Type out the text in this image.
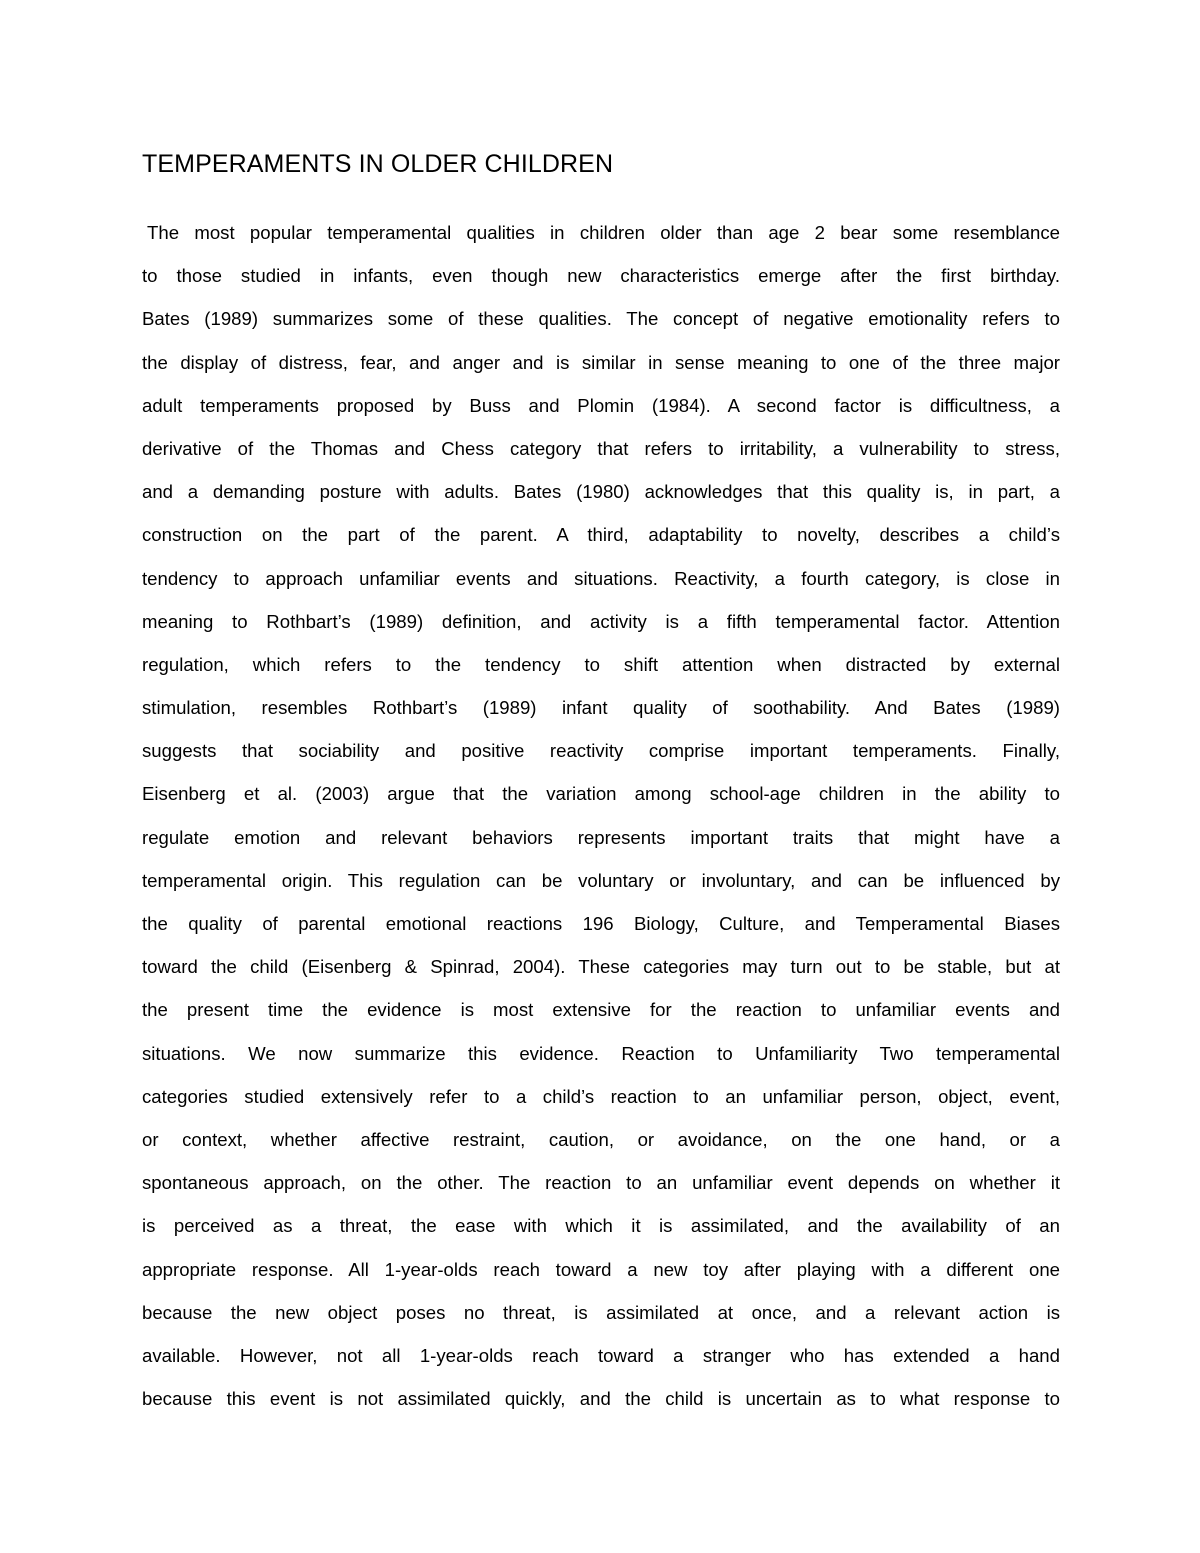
TEMPERAMENTS IN OLDER CHILDREN
The most popular temperamental qualities in children older than age 2 bear some resemblance
to those studied in infants, even though new characteristics emerge after the first birthday.
Bates (1989) summarizes some of these qualities. The concept of negative emotionality refers to
the display of distress, fear, and anger and is similar in sense meaning to one of the three major
adult temperaments proposed by Buss and Plomin (1984). A second factor is difficultness, a
derivative of the Thomas and Chess category that refers to irritability, a vulnerability to stress,
and a demanding posture with adults. Bates (1980) acknowledges that this quality is, in part, a
construction on the part of the parent. A third, adaptability to novelty, describes a child’s
tendency to approach unfamiliar events and situations. Reactivity, a fourth category, is close in
meaning to Rothbart’s (1989) definition, and activity is a fifth temperamental factor. Attention
regulation, which refers to the tendency to shift attention when distracted by external
stimulation, resembles Rothbart’s (1989) infant quality of soothability. And Bates (1989)
suggests that sociability and positive reactivity comprise important temperaments. Finally,
Eisenberg et al. (2003) argue that the variation among school-age children in the ability to
regulate emotion and relevant behaviors represents important traits that might have a
temperamental origin. This regulation can be voluntary or involuntary, and can be influenced by
the quality of parental emotional reactions 196 Biology, Culture, and Temperamental Biases
toward the child (Eisenberg & Spinrad, 2004). These categories may turn out to be stable, but at
the present time the evidence is most extensive for the reaction to unfamiliar events and
situations. We now summarize this evidence. Reaction to Unfamiliarity Two temperamental
categories studied extensively refer to a child’s reaction to an unfamiliar person, object, event,
or context, whether affective restraint, caution, or avoidance, on the one hand, or a
spontaneous approach, on the other. The reaction to an unfamiliar event depends on whether it
is perceived as a threat, the ease with which it is assimilated, and the availability of an
appropriate response. All 1-year-olds reach toward a new toy after playing with a different one
because the new object poses no threat, is assimilated at once, and a relevant action is
available. However, not all 1-year-olds reach toward a stranger who has extended a hand
because this event is not assimilated quickly, and the child is uncertain as to what response to
